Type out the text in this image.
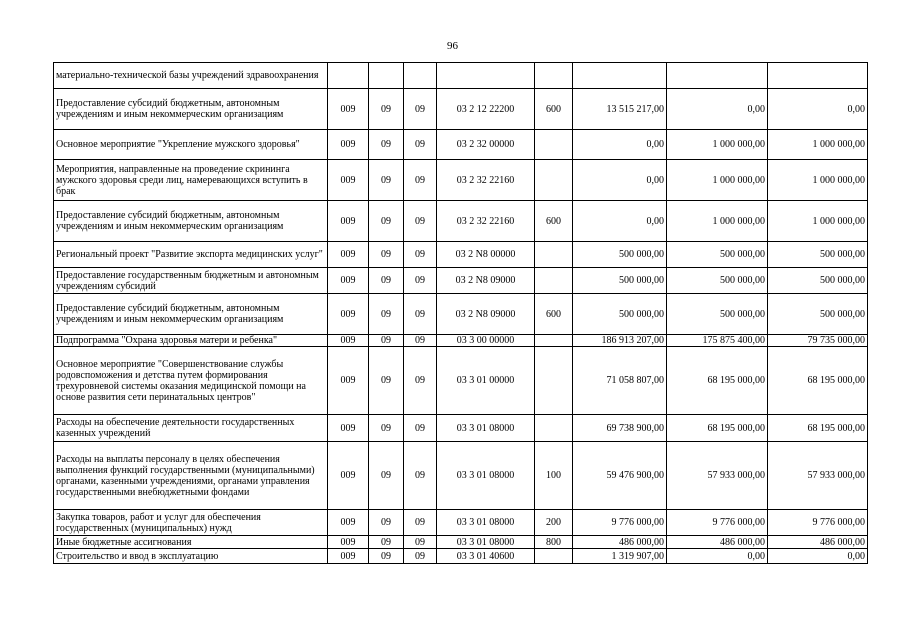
96
материально-технической базы учреждений здравоохранения								
Предоставление субсидий бюджетным, автономным учреждениям и иным некоммерческим организациям	009	09	09	03 2 12 22200	600	13 515 217,00	0,00	0,00
Основное мероприятие "Укрепление мужского здоровья"	009	09	09	03 2 32 00000		0,00	1 000 000,00	1 000 000,00
Мероприятия, направленные на проведение скрининга мужского здоровья среди лиц, намеревающихся вступить в брак	009	09	09	03 2 32 22160		0,00	1 000 000,00	1 000 000,00
Предоставление субсидий бюджетным, автономным учреждениям и иным некоммерческим организациям	009	09	09	03 2 32 22160	600	0,00	1 000 000,00	1 000 000,00
Региональный проект "Развитие экспорта медицинских услуг"	009	09	09	03 2 N8 00000		500 000,00	500 000,00	500 000,00
Предоставление государственным бюджетным и автономным учреждениям субсидий	009	09	09	03 2 N8 09000		500 000,00	500 000,00	500 000,00
Предоставление субсидий бюджетным, автономным учреждениям и иным некоммерческим организациям	009	09	09	03 2 N8 09000	600	500 000,00	500 000,00	500 000,00
Подпрограмма "Охрана здоровья матери и ребенка"	009	09	09	03 3 00 00000		186 913 207,00	175 875 400,00	79 735 000,00
Основное мероприятие "Совершенствование службы родовспоможения и детства путем формирования трехуровневой системы оказания медицинской помощи на основе развития сети перинатальных центров"	009	09	09	03 3 01 00000		71 058 807,00	68 195 000,00	68 195 000,00
Расходы на обеспечение деятельности государственных казенных учреждений	009	09	09	03 3 01 08000		69 738 900,00	68 195 000,00	68 195 000,00
Расходы на выплаты персоналу в целях обеспечения выполнения функций государственными (муниципальными) органами, казенными учреждениями, органами управления государственными внебюджетными фондами	009	09	09	03 3 01 08000	100	59 476 900,00	57 933 000,00	57 933 000,00
Закупка товаров, работ и услуг для обеспечения государственных (муниципальных) нужд	009	09	09	03 3 01 08000	200	9 776 000,00	9 776 000,00	9 776 000,00
Иные бюджетные ассигнования	009	09	09	03 3 01 08000	800	486 000,00	486 000,00	486 000,00
Строительство и ввод в эксплуатацию	009	09	09	03 3 01 40600		1 319 907,00	0,00	0,00
